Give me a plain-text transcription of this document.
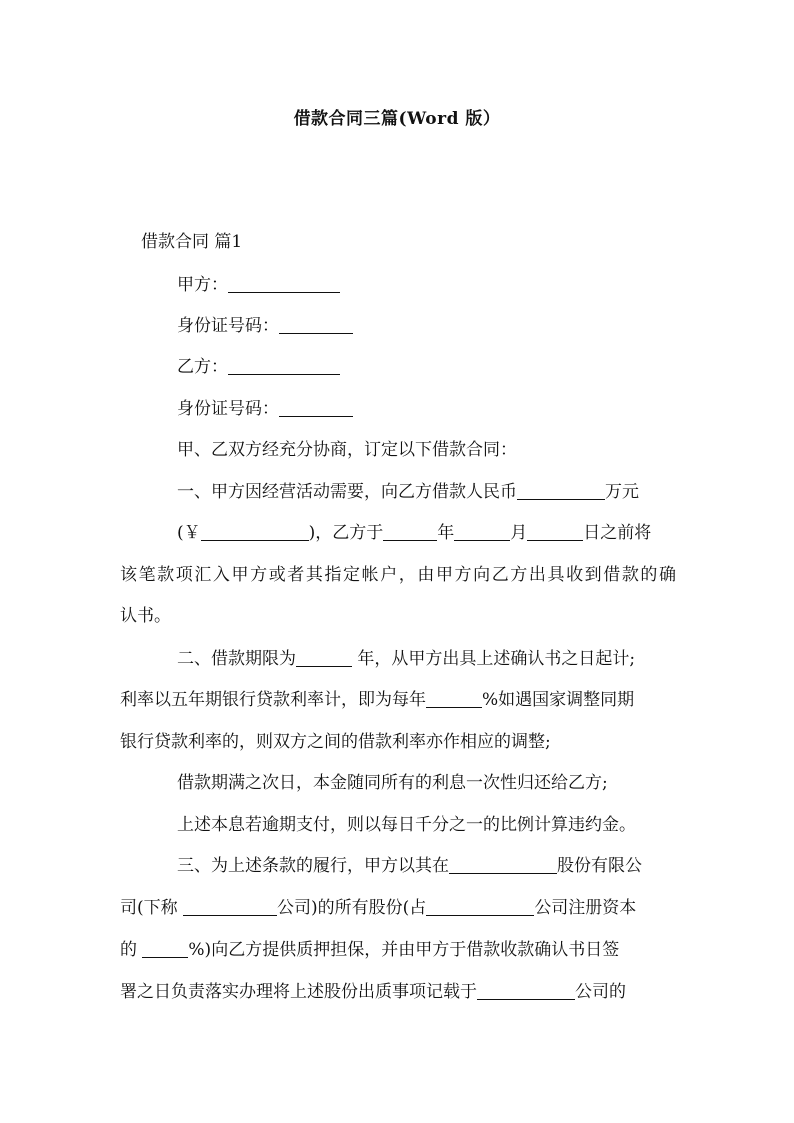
借款合同三篇(Word 版）
借款合同 篇1
甲方：
身份证号码：
乙方：
身份证号码：
甲、乙双方经充分协商，订定以下借款合同：
一、甲方因经营活动需要，向乙方借款人民币	万元
(￥	)，乙方于	年	月	日之前将
该笔款项汇入甲方或者其指定帐户，由甲方向乙方出具收到借款的确
认书。
二、借款期限为	年，从甲方出具上述确认书之日起计;
利率以五年期银行贷款利率计，即为每年	%如遇国家调整同期
银行贷款利率的，则双方之间的借款利率亦作相应的调整;
借款期满之次日，本金随同所有的利息一次性归还给乙方;
上述本息若逾期支付，则以每日千分之一的比例计算违约金。
三、为上述条款的履行，甲方以其在	股份有限公
司(下称	公司)的所有股份(占	公司注册资本
的	%)向乙方提供质押担保，并由甲方于借款收款确认书日签
署之日负责落实办理将上述股份出质事项记载于	公司的
